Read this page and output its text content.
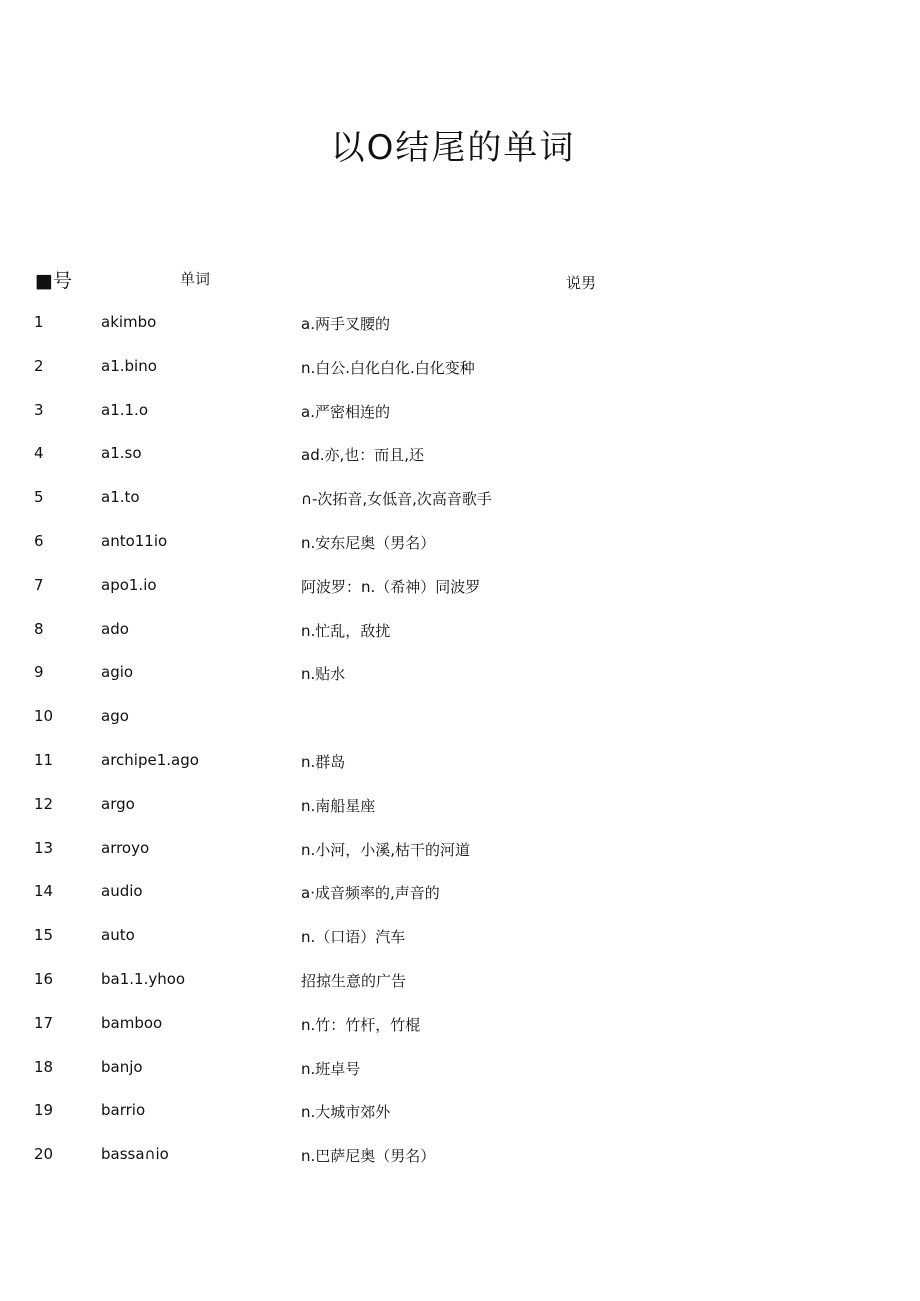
以O结尾的单词
■号	单词	说男
1	akimbo	a.两手叉腰的
2	a1.bino	n.白公.白化白化.白化变种
3	a1.1.o	a.严密相连的
4	a1.so	ad.亦,也：而且,还
5	a1.to	∩-次拓音,女低音,次高音歌手
6	anto11io	n.安东尼奥（男名）
7	apo1.io	阿波罗：n.（希神）同波罗
8	ado	n.忙乱，敌扰
9	agio	n.贴水
10	ago
11	archipe1.ago	n.群岛
12	argo	n.南船星座
13	arroyo	n.小河，小溪,枯干的河道
14	audio	a·成音频率的,声音的
15	auto	n.（口语）汽车
16	ba1.1.yhoo	招掠生意的广告
17	bamboo	n.竹：竹杆，竹棍
18	banjo	n.班卓号
19	barrio	n.大城市郊外
20	bassa∩io	n.巴萨尼奥（男名）
